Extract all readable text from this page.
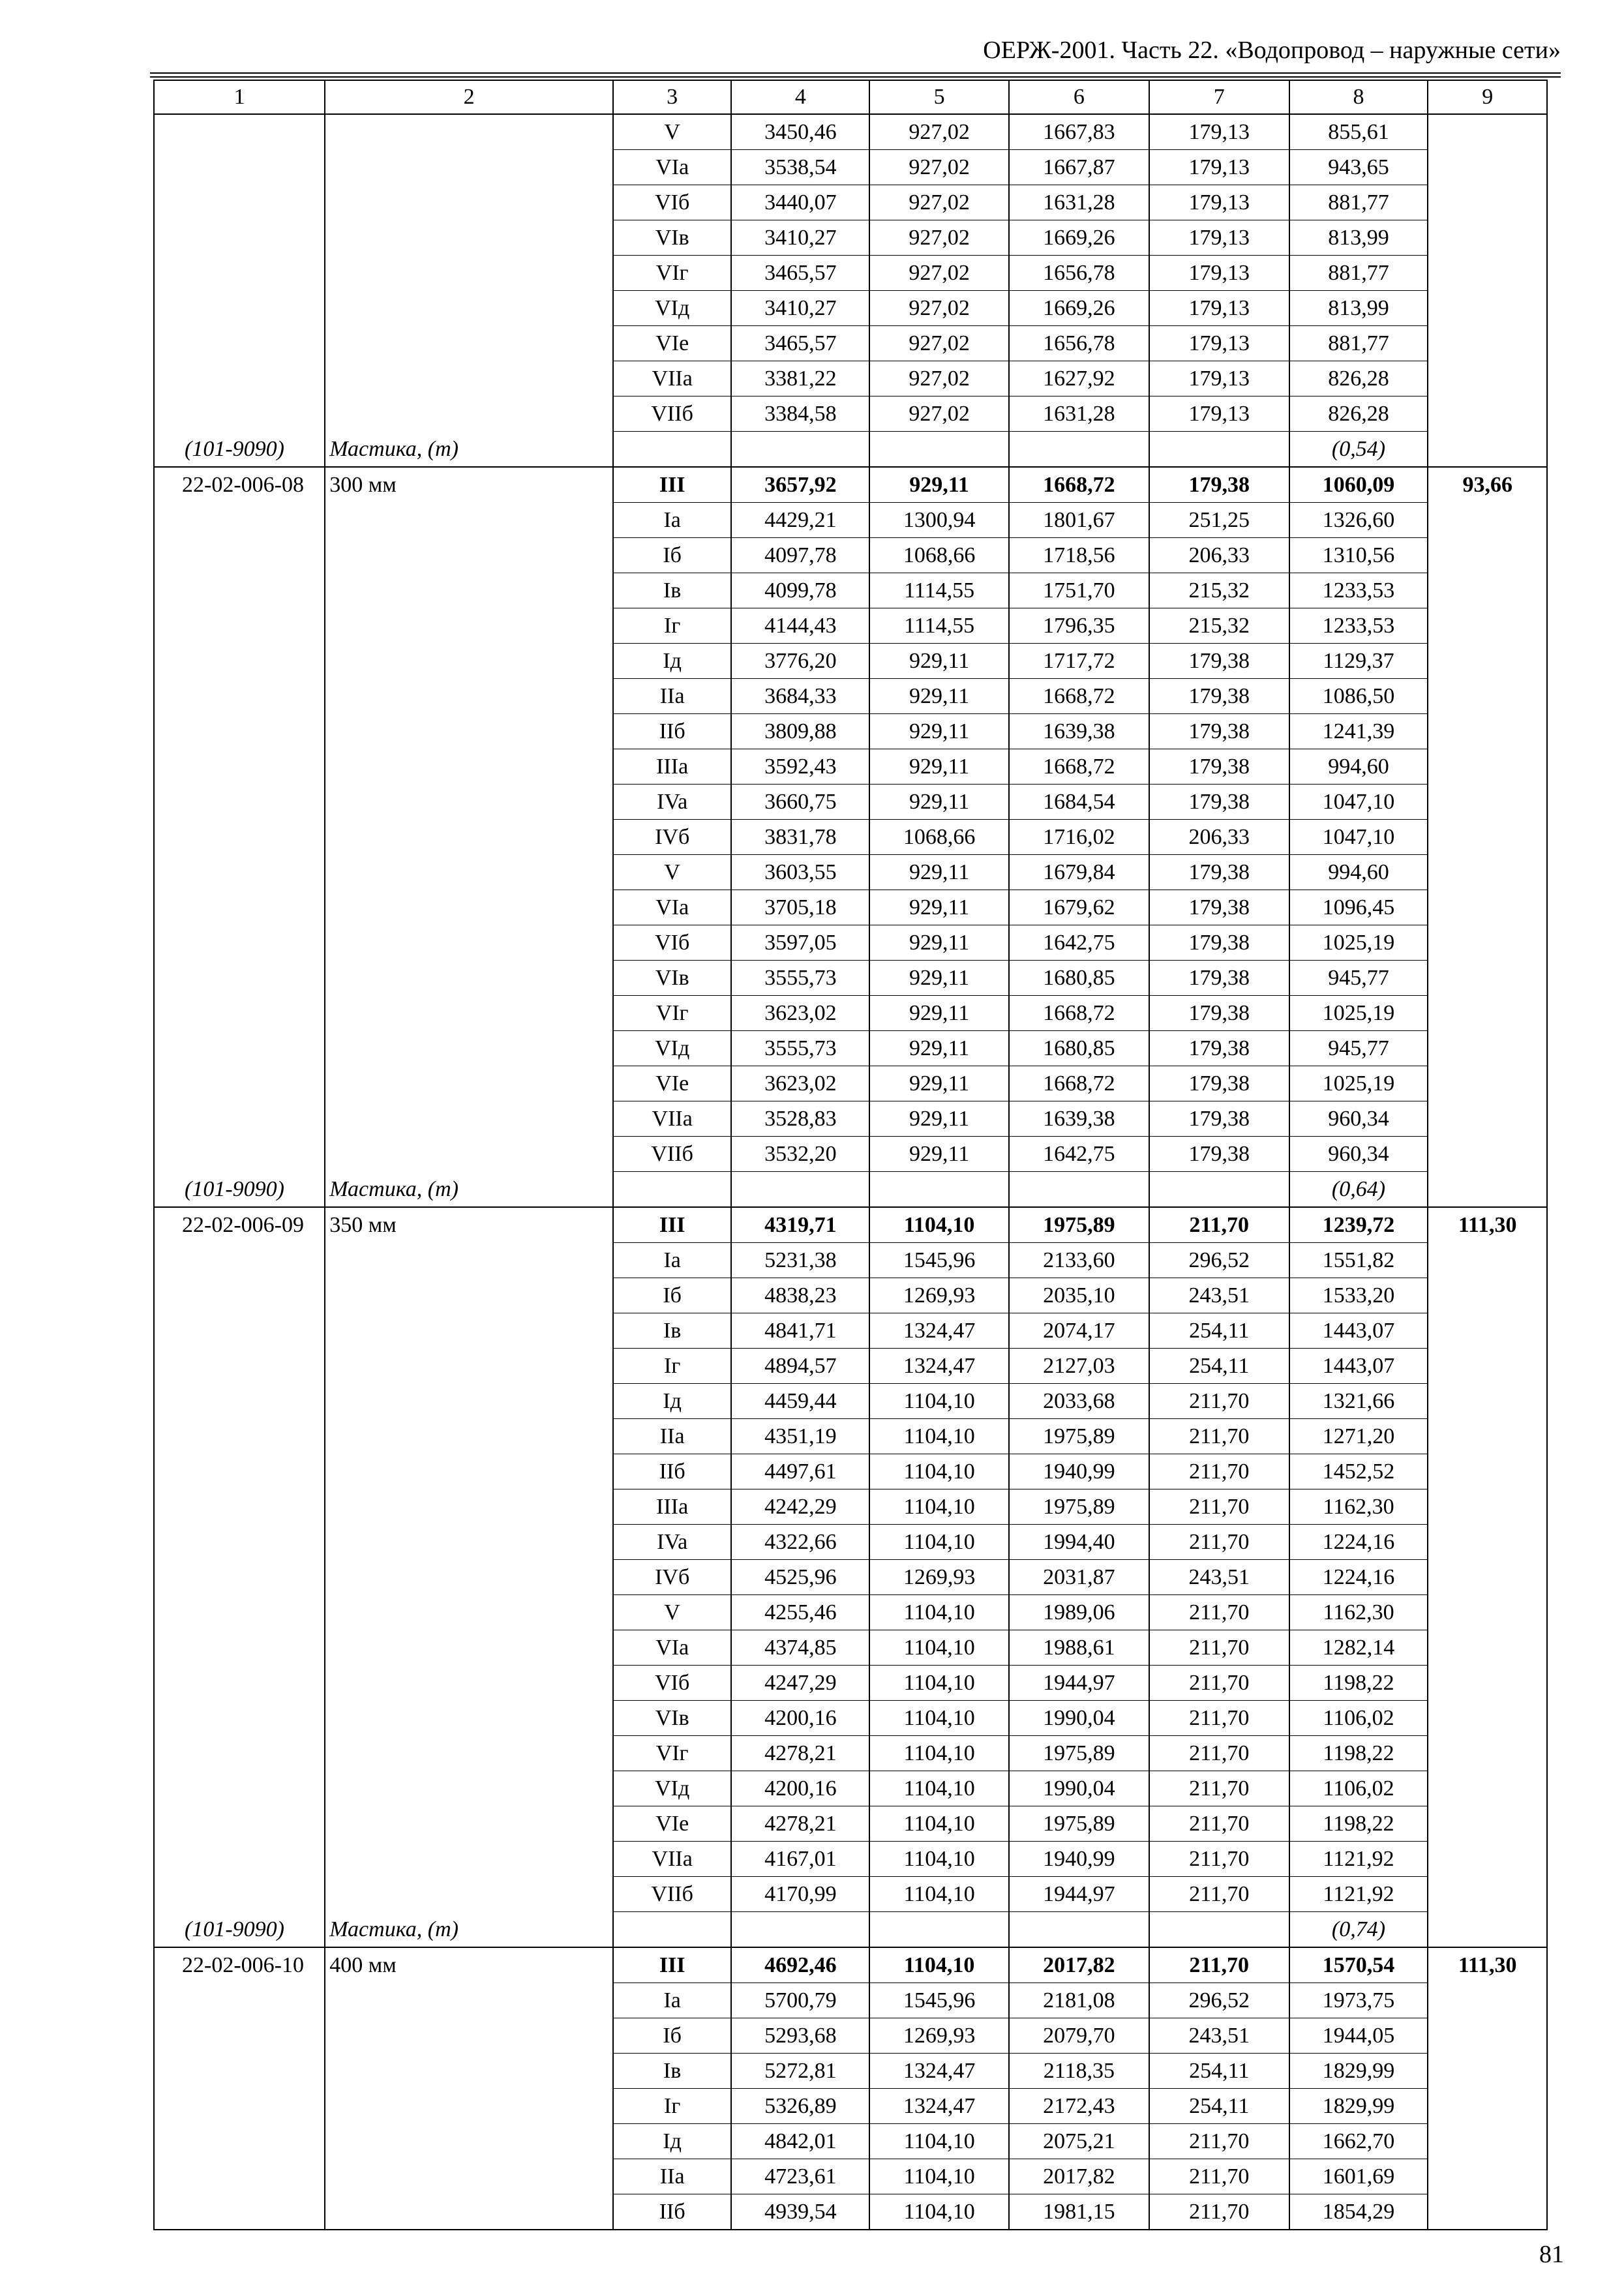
ОЕРЖ-2001. Часть 22. «Водопровод – наружные сети»
1	2	3	4	5	6	7	8	9
		V	3450,46	927,02	1667,83	179,13	855,61	
		VIa	3538,54	927,02	1667,87	179,13	943,65	
		VIб	3440,07	927,02	1631,28	179,13	881,77	
		VIв	3410,27	927,02	1669,26	179,13	813,99	
		VIг	3465,57	927,02	1656,78	179,13	881,77	
		VIд	3410,27	927,02	1669,26	179,13	813,99	
		VIe	3465,57	927,02	1656,78	179,13	881,77	
		VIIa	3381,22	927,02	1627,92	179,13	826,28	
		VIIб	3384,58	927,02	1631,28	179,13	826,28	
(101-9090)	Мастика, (т)						(0,54)	
22-02-006-08	300 мм	III	3657,92	929,11	1668,72	179,38	1060,09	93,66
		Ia	4429,21	1300,94	1801,67	251,25	1326,60	
		Iб	4097,78	1068,66	1718,56	206,33	1310,56	
		Iв	4099,78	1114,55	1751,70	215,32	1233,53	
		Iг	4144,43	1114,55	1796,35	215,32	1233,53	
		Iд	3776,20	929,11	1717,72	179,38	1129,37	
		IIa	3684,33	929,11	1668,72	179,38	1086,50	
		IIб	3809,88	929,11	1639,38	179,38	1241,39	
		IIIa	3592,43	929,11	1668,72	179,38	994,60	
		IVa	3660,75	929,11	1684,54	179,38	1047,10	
		IVб	3831,78	1068,66	1716,02	206,33	1047,10	
		V	3603,55	929,11	1679,84	179,38	994,60	
		VIa	3705,18	929,11	1679,62	179,38	1096,45	
		VIб	3597,05	929,11	1642,75	179,38	1025,19	
		VIв	3555,73	929,11	1680,85	179,38	945,77	
		VIг	3623,02	929,11	1668,72	179,38	1025,19	
		VIд	3555,73	929,11	1680,85	179,38	945,77	
		VIe	3623,02	929,11	1668,72	179,38	1025,19	
		VIIa	3528,83	929,11	1639,38	179,38	960,34	
		VIIб	3532,20	929,11	1642,75	179,38	960,34	
(101-9090)	Мастика, (т)						(0,64)	
22-02-006-09	350 мм	III	4319,71	1104,10	1975,89	211,70	1239,72	111,30
		Ia	5231,38	1545,96	2133,60	296,52	1551,82	
		Iб	4838,23	1269,93	2035,10	243,51	1533,20	
		Iв	4841,71	1324,47	2074,17	254,11	1443,07	
		Iг	4894,57	1324,47	2127,03	254,11	1443,07	
		Iд	4459,44	1104,10	2033,68	211,70	1321,66	
		IIa	4351,19	1104,10	1975,89	211,70	1271,20	
		IIб	4497,61	1104,10	1940,99	211,70	1452,52	
		IIIa	4242,29	1104,10	1975,89	211,70	1162,30	
		IVa	4322,66	1104,10	1994,40	211,70	1224,16	
		IVб	4525,96	1269,93	2031,87	243,51	1224,16	
		V	4255,46	1104,10	1989,06	211,70	1162,30	
		VIa	4374,85	1104,10	1988,61	211,70	1282,14	
		VIб	4247,29	1104,10	1944,97	211,70	1198,22	
		VIв	4200,16	1104,10	1990,04	211,70	1106,02	
		VIг	4278,21	1104,10	1975,89	211,70	1198,22	
		VIд	4200,16	1104,10	1990,04	211,70	1106,02	
		VIe	4278,21	1104,10	1975,89	211,70	1198,22	
		VIIa	4167,01	1104,10	1940,99	211,70	1121,92	
		VIIб	4170,99	1104,10	1944,97	211,70	1121,92	
(101-9090)	Мастика, (т)						(0,74)	
22-02-006-10	400 мм	III	4692,46	1104,10	2017,82	211,70	1570,54	111,30
		Ia	5700,79	1545,96	2181,08	296,52	1973,75	
		Iб	5293,68	1269,93	2079,70	243,51	1944,05	
		Iв	5272,81	1324,47	2118,35	254,11	1829,99	
		Iг	5326,89	1324,47	2172,43	254,11	1829,99	
		Iд	4842,01	1104,10	2075,21	211,70	1662,70	
		IIa	4723,61	1104,10	2017,82	211,70	1601,69	
		IIб	4939,54	1104,10	1981,15	211,70	1854,29	
81
